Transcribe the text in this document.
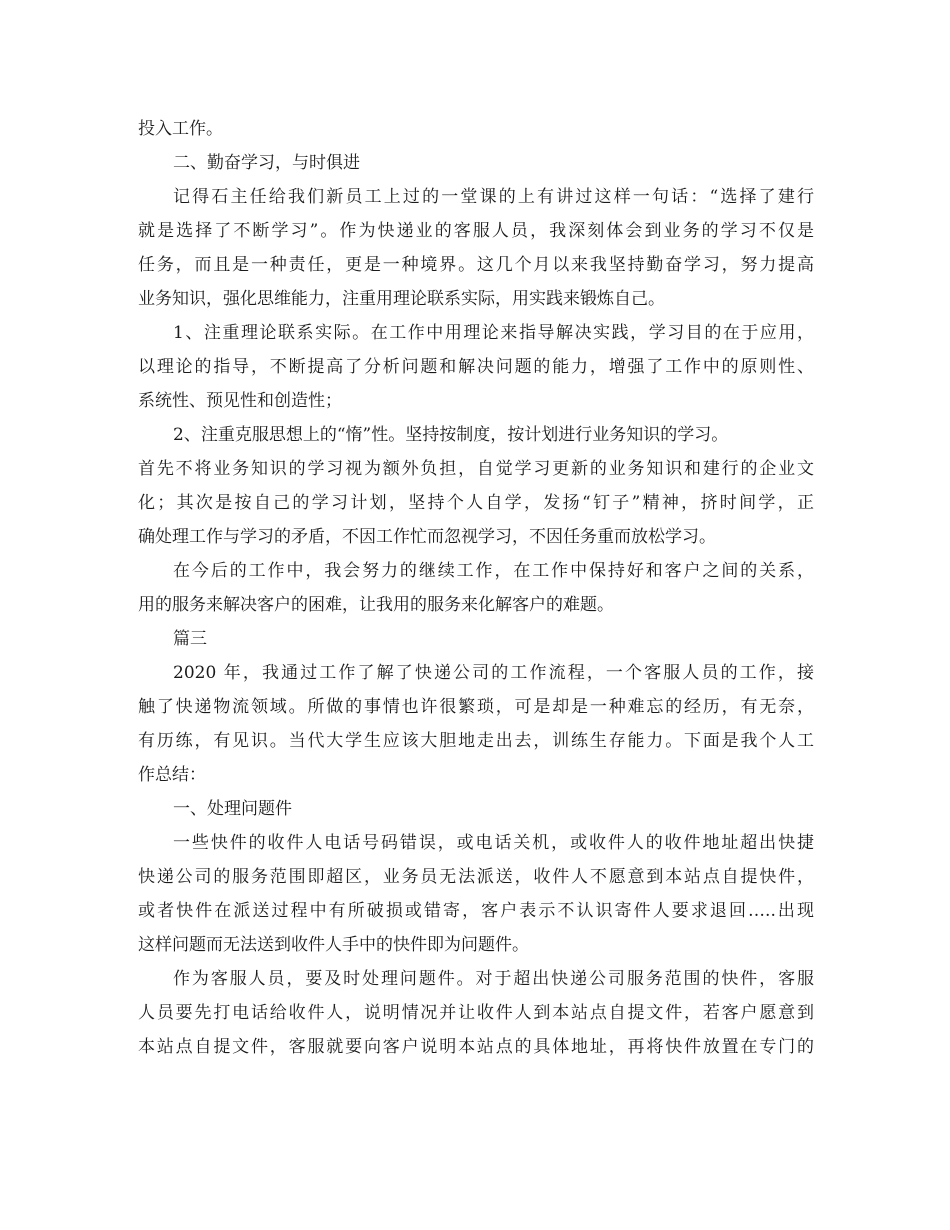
投入工作。
二、勤奋学习，与时俱进
记得石主任给我们新员工上过的一堂课的上有讲过这样一句话：“选择了建行
就是选择了不断学习”。作为快递业的客服人员，我深刻体会到业务的学习不仅是
任务，而且是一种责任，更是一种境界。这几个月以来我坚持勤奋学习，努力提高
业务知识，强化思维能力，注重用理论联系实际，用实践来锻炼自己。
1、注重理论联系实际。在工作中用理论来指导解决实践，学习目的在于应用，
以理论的指导，不断提高了分析问题和解决问题的能力，增强了工作中的原则性、
系统性、预见性和创造性；
2、注重克服思想上的“惰”性。坚持按制度，按计划进行业务知识的学习。
首先不将业务知识的学习视为额外负担，自觉学习更新的业务知识和建行的企业文
化；其次是按自己的学习计划，坚持个人自学，发扬“钉子”精神，挤时间学，正
确处理工作与学习的矛盾，不因工作忙而忽视学习，不因任务重而放松学习。
在今后的工作中，我会努力的继续工作，在工作中保持好和客户之间的关系，
用的服务来解决客户的困难，让我用的服务来化解客户的难题。
篇三
2020 年，我通过工作了解了快递公司的工作流程，一个客服人员的工作，接
触了快递物流领域。所做的事情也许很繁琐，可是却是一种难忘的经历，有无奈，
有历练，有见识。当代大学生应该大胆地走出去，训练生存能力。下面是我个人工
作总结：
一、处理问题件
一些快件的收件人电话号码错误，或电话关机，或收件人的收件地址超出快捷
快递公司的服务范围即超区，业务员无法派送，收件人不愿意到本站点自提快件，
或者快件在派送过程中有所破损或错寄，客户表示不认识寄件人要求退回…..出现
这样问题而无法送到收件人手中的快件即为问题件。
作为客服人员，要及时处理问题件。对于超出快递公司服务范围的快件，客服
人员要先打电话给收件人，说明情况并让收件人到本站点自提文件，若客户愿意到
本站点自提文件，客服就要向客户说明本站点的具体地址，再将快件放置在专门的
